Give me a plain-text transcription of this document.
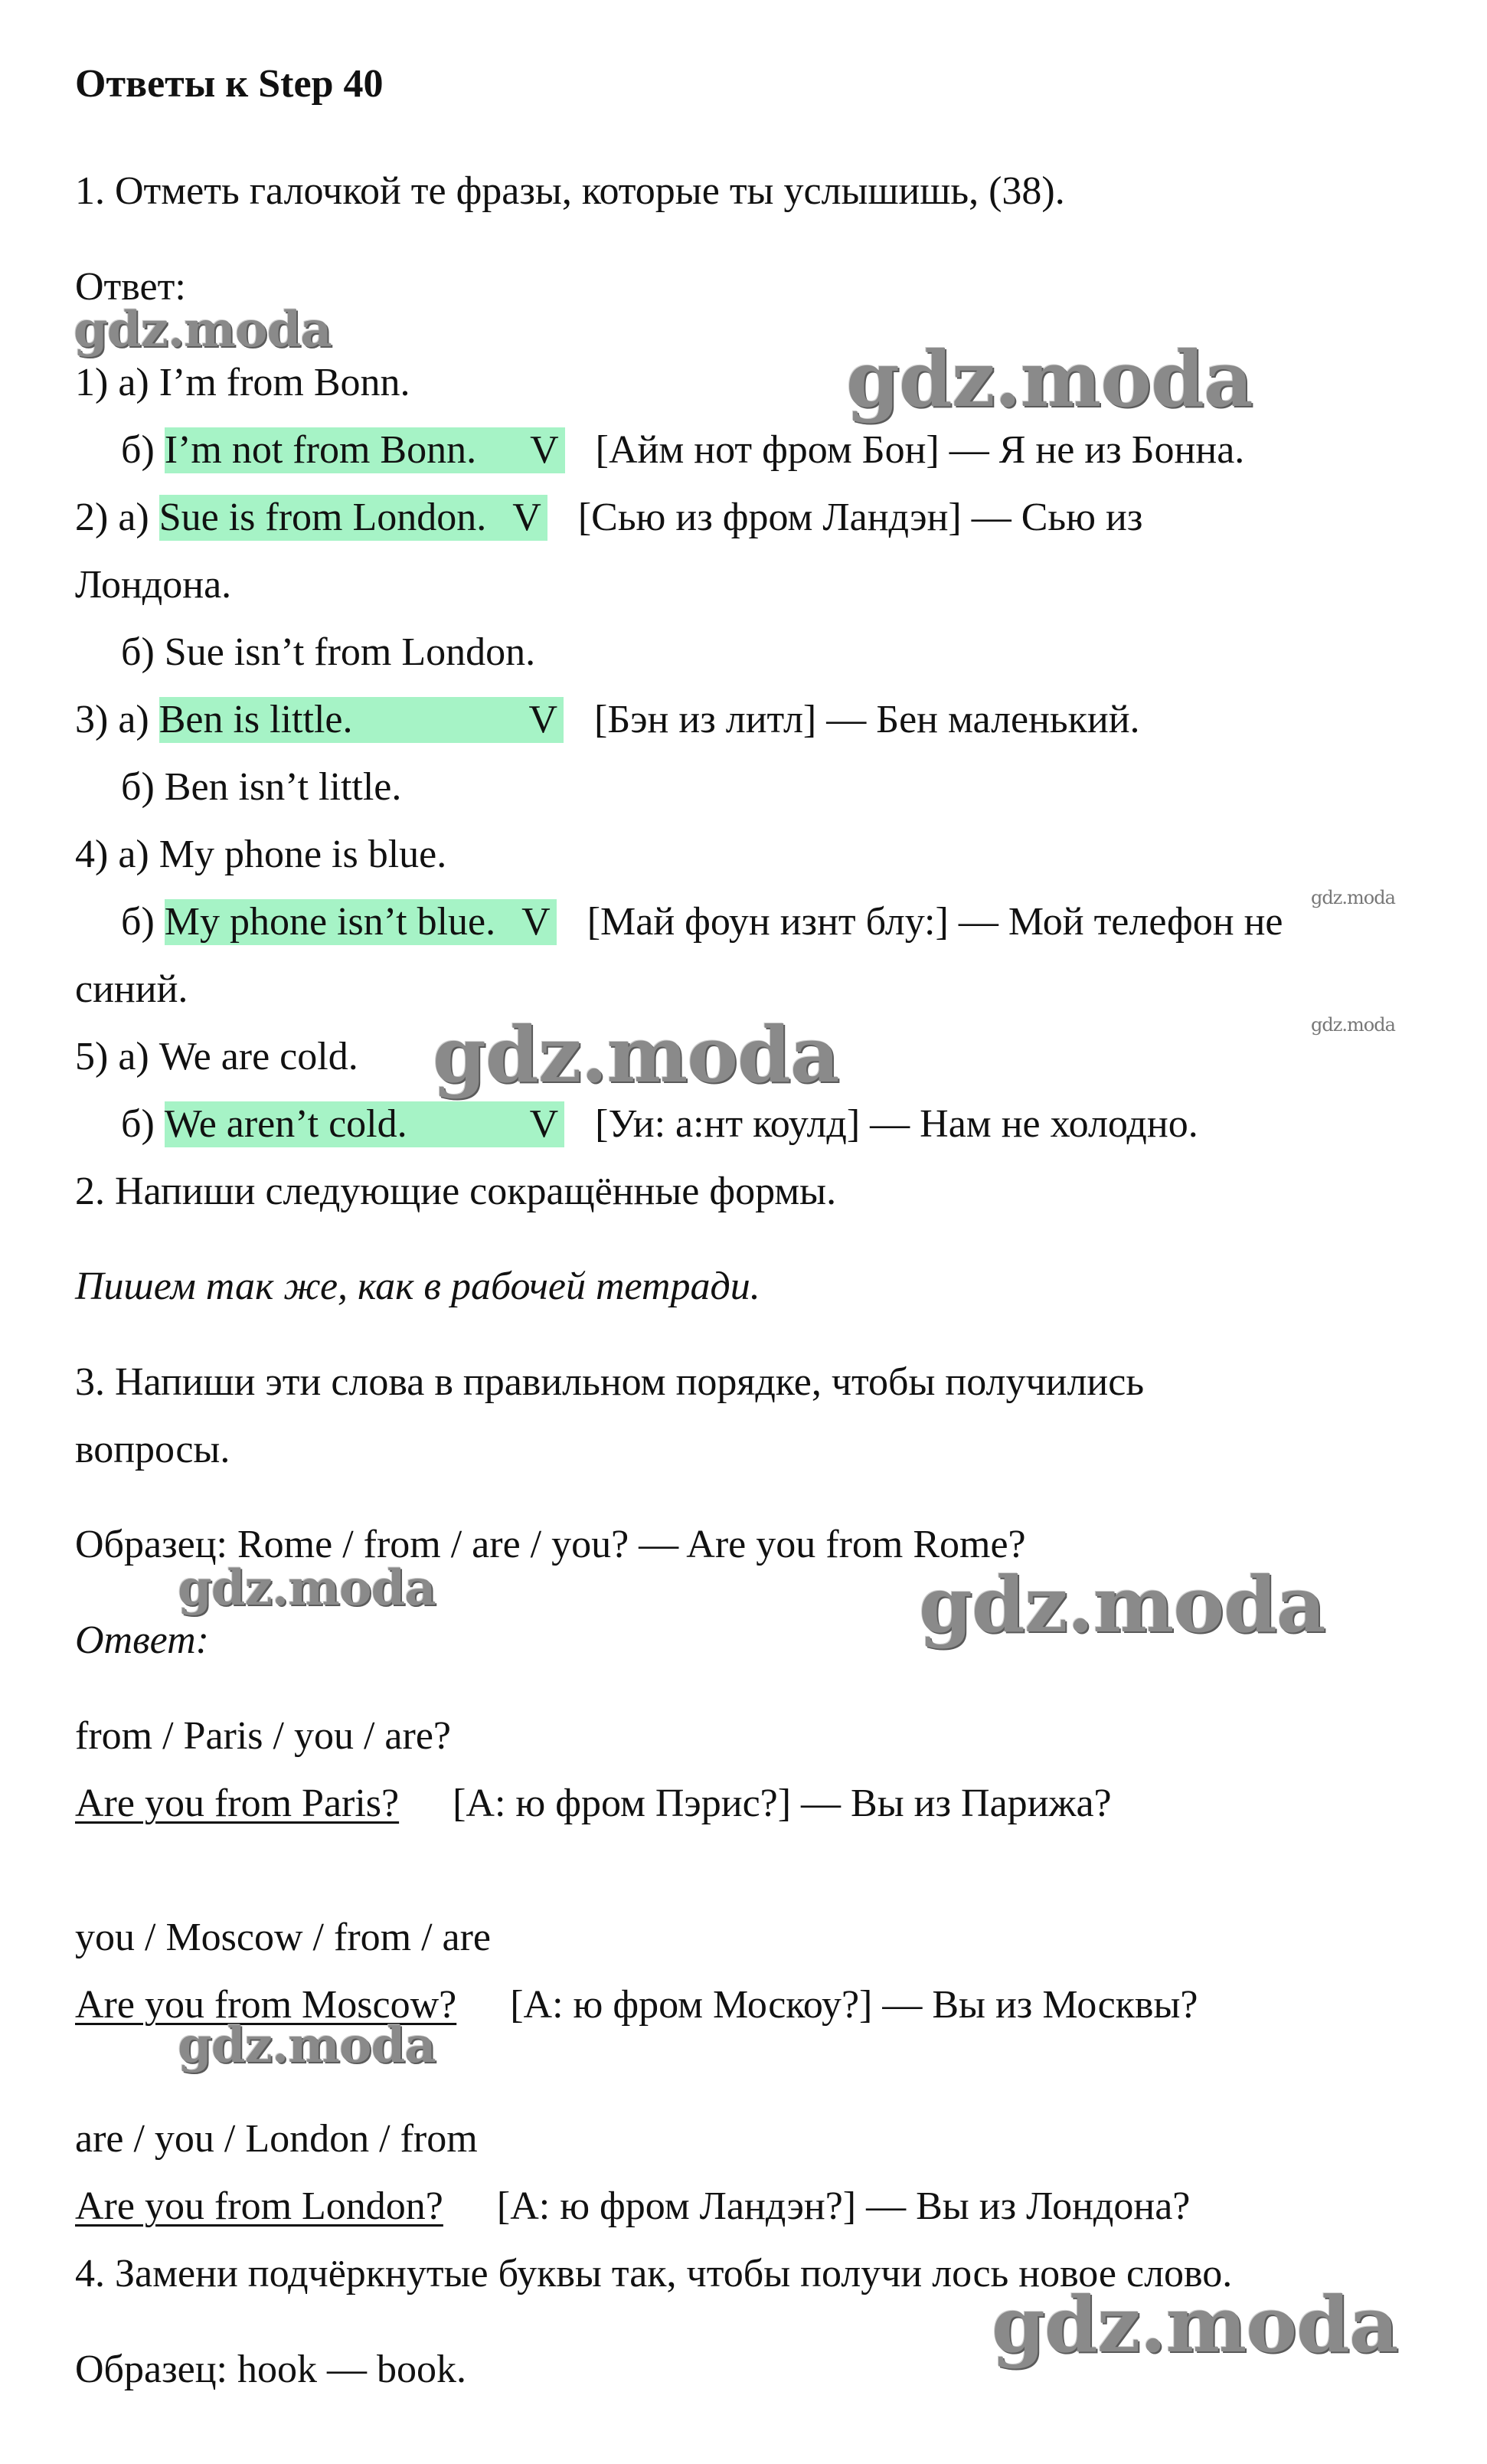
Ответы к Step 40
1. Отметь галочкой те фразы, которые ты услышишь, (38).
Ответ:
1) а) I’m from Bonn.
б) I’m not from Bonn. V [Айм нот фром Бон] — Я не из Бонна.
2) а) Sue is from London. V [Сью из фром Ландэн] — Сью из
Лондона.
б) Sue isn’t from London.
3) а) Ben is little.	V [Бэн из литл] — Бен маленький.
б) Ben isn’t little.
4) а) My phone is blue.
б) My phone isn’t blue. V [Май фоун изнт блу:] — Мой телефон не
синий.
5) а) We are cold.
б) We aren’t cold.	V [Уи: а:нт коулд] — Нам не холодно.
2. Напиши следующие сокращённые формы.
Пишем так же, как в рабочей тетради.
3. Напиши эти слова в правильном порядке, чтобы получились
вопросы.
Образец: Rome / from / are / you? — Are you from Rome?
Ответ:
from / Paris / you / are?
Are you from Paris? [А: ю фром Пэрис?] — Вы из Парижа?
you / Moscow / from / are
Are you from Moscow? [А: ю фром Москоу?] — Вы из Москвы?
are / you / London / from
Are you from London? [А: ю фром Ландэн?] — Вы из Лондона?
4. Замени подчёркнутые буквы так, чтобы получи лось новое слово.
Образец: hook — book.
gdz.moda
gdz.moda
gdz.moda
gdz.moda
gdz.moda
gdz.moda	gdz.moda
gdz.moda
gdz.moda
